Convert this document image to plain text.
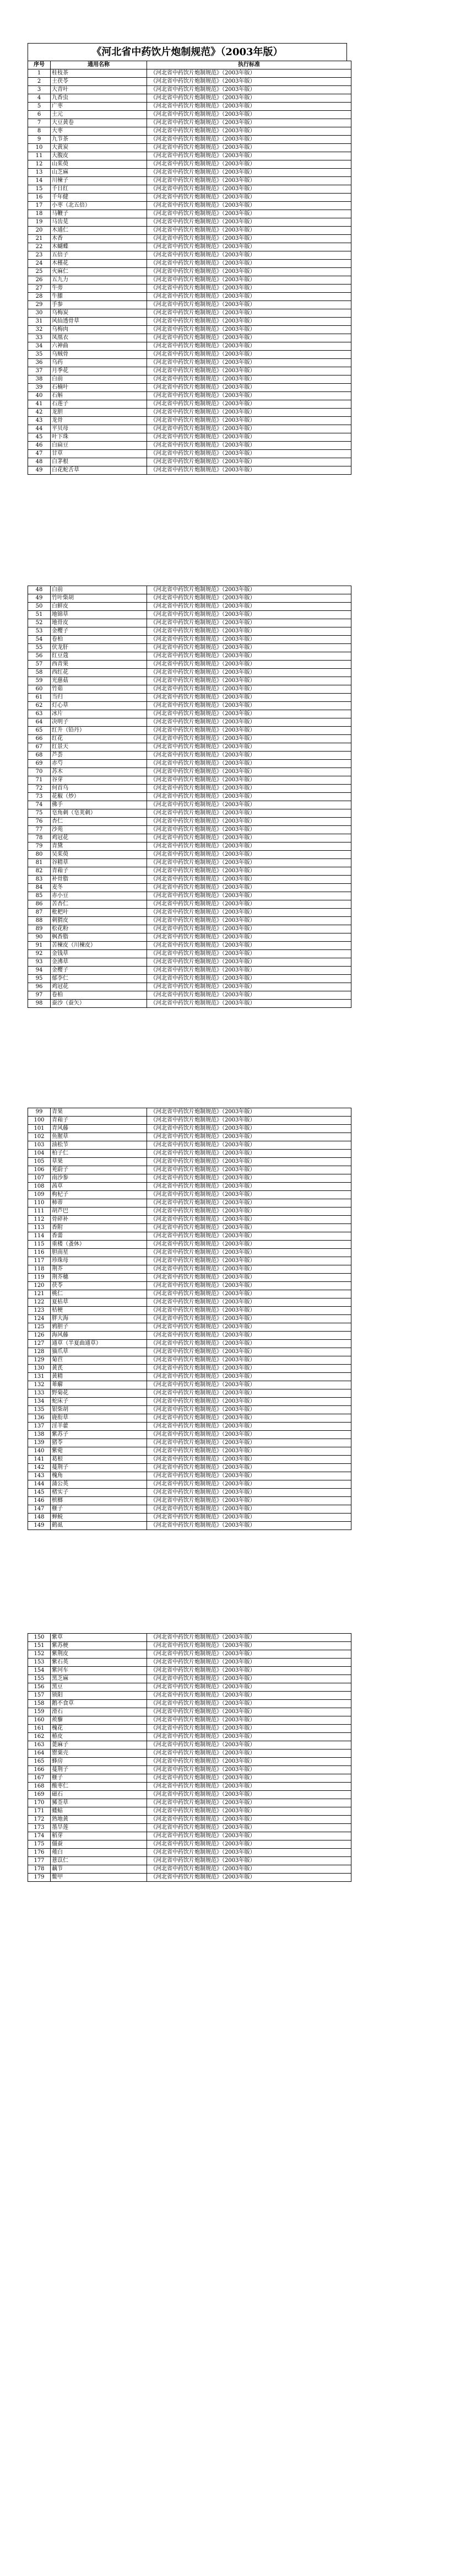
《河北省中药饮片炮制规范》（2003年版）
序号	通用名称	执行标准
1	桂枝茶	《河北省中药饮片炮制规范》（2003年版）
2	土茯苓	《河北省中药饮片炮制规范》（2003年版）
3	大青叶	《河北省中药饮片炮制规范》（2003年版）
4	九香虫	《河北省中药饮片炮制规范》（2003年版）
5	广枣	《河北省中药饮片炮制规范》（2003年版）
6	土元	《河北省中药饮片炮制规范》（2003年版）
7	大豆黄卷	《河北省中药饮片炮制规范》（2003年版）
8	大枣	《河北省中药饮片炮制规范》（2003年版）
9	九节茶	《河北省中药饮片炮制规范》（2003年版）
10	大黄炭	《河北省中药饮片炮制规范》（2003年版）
11	大腹皮	《河北省中药饮片炮制规范》（2003年版）
12	山茱萸	《河北省中药饮片炮制规范》（2003年版）
13	山芝麻	《河北省中药饮片炮制规范》（2003年版）
14	川楝子	《河北省中药饮片炮制规范》（2003年版）
15	千日红	《河北省中药饮片炮制规范》（2003年版）
16	千年健	《河北省中药饮片炮制规范》（2003年版）
17	小枣（北五倍）	《河北省中药饮片炮制规范》（2003年版）
18	马鞭子	《河北省中药饮片炮制规范》（2003年版）
19	马齿苋	《河北省中药饮片炮制规范》（2003年版）
20	木通仁	《河北省中药饮片炮制规范》（2003年版）
21	木香	《河北省中药饮片炮制规范》（2003年版）
22	木蝴蝶	《河北省中药饮片炮制规范》（2003年版）
23	五倍子	《河北省中药饮片炮制规范》（2003年版）
24	木槿花	《河北省中药饮片炮制规范》（2003年版）
25	火麻仁	《河北省中药饮片炮制规范》（2003年版）
26	五九力	《河北省中药饮片炮制规范》（2003年版）
27	牛蒡	《河北省中药饮片炮制规范》（2003年版）
28	牛膝	《河北省中药饮片炮制规范》（2003年版）
29	手参	《河北省中药饮片炮制规范》（2003年版）
30	乌梅炭	《河北省中药饮片炮制规范》（2003年版）
31	风仙透骨草	《河北省中药饮片炮制规范》（2003年版）
32	乌梅肉	《河北省中药饮片炮制规范》（2003年版）
33	凤凰衣	《河北省中药饮片炮制规范》（2003年版）
34	六神曲	《河北省中药饮片炮制规范》（2003年版）
35	乌贼骨	《河北省中药饮片炮制规范》（2003年版）
36	乌药	《河北省中药饮片炮制规范》（2003年版）
37	月季花	《河北省中药饮片炮制规范》（2003年版）
38	白前	《河北省中药饮片炮制规范》（2003年版）
39	石楠叶	《河北省中药饮片炮制规范》（2003年版）
40	石斛	《河北省中药饮片炮制规范》（2003年版）
41	石莲子	《河北省中药饮片炮制规范》（2003年版）
42	龙胆	《河北省中药饮片炮制规范》（2003年版）
43	龙骨	《河北省中药饮片炮制规范》（2003年版）
44	平贝母	《河北省中药饮片炮制规范》（2003年版）
45	叶下珠	《河北省中药饮片炮制规范》（2003年版）
46	白扁豆	《河北省中药饮片炮制规范》（2003年版）
47	甘草	《河北省中药饮片炮制规范》（2003年版）
48	白茅根	《河北省中药饮片炮制规范》（2003年版）
49	白花蛇舌草	《河北省中药饮片炮制规范》（2003年版）
48	白前	《河北省中药饮片炮制规范》（2003年版）
49	竹叶柴胡	《河北省中药饮片炮制规范》（2003年版）
50	白鲜皮	《河北省中药饮片炮制规范》（2003年版）
51	地锦草	《河北省中药饮片炮制规范》（2003年版）
52	地骨皮	《河北省中药饮片炮制规范》（2003年版）
53	金樱子	《河北省中药饮片炮制规范》（2003年版）
54	卷柏	《河北省中药饮片炮制规范》（2003年版）
55	伏龙肝	《河北省中药饮片炮制规范》（2003年版）
56	红豆蔻	《河北省中药饮片炮制规范》（2003年版）
57	西青果	《河北省中药饮片炮制规范》（2003年版）
58	西红花	《河北省中药饮片炮制规范》（2003年版）
59	光慈菇	《河北省中药饮片炮制规范》（2003年版）
60	竹茹	《河北省中药饮片炮制规范》（2003年版）
61	当归	《河北省中药饮片炮制规范》（2003年版）
62	灯心草	《河北省中药饮片炮制规范》（2003年版）
63	冰片	《河北省中药饮片炮制规范》（2003年版）
64	决明子	《河北省中药饮片炮制规范》（2003年版）
65	红升（铅丹）	《河北省中药饮片炮制规范》（2003年版）
66	红花	《河北省中药饮片炮制规范》（2003年版）
67	红景天	《河北省中药饮片炮制规范》（2003年版）
68	芦荟	《河北省中药饮片炮制规范》（2003年版）
69	赤芍	《河北省中药饮片炮制规范》（2003年版）
70	苏木	《河北省中药饮片炮制规范》（2003年版）
71	谷芽	《河北省中药饮片炮制规范》（2003年版）
72	何首乌	《河北省中药饮片炮制规范》（2003年版）
73	花椒（炒）	《河北省中药饮片炮制规范》（2003年版）
74	佛手	《河北省中药饮片炮制规范》（2003年版）
75	皂角刺（皂荚刺）	《河北省中药饮片炮制规范》（2003年版）
76	杏仁	《河北省中药饮片炮制规范》（2003年版）
77	沙苑	《河北省中药饮片炮制规范》（2003年版）
78	鸡冠花	《河北省中药饮片炮制规范》（2003年版）
79	青黛	《河北省中药饮片炮制规范》（2003年版）
80	吴茱萸	《河北省中药饮片炮制规范》（2003年版）
81	谷精草	《河北省中药饮片炮制规范》（2003年版）
82	青葙子	《河北省中药饮片炮制规范》（2003年版）
83	补骨脂	《河北省中药饮片炮制规范》（2003年版）
84	麦冬	《河北省中药饮片炮制规范》（2003年版）
85	赤小豆	《河北省中药饮片炮制规范》（2003年版）
86	苦杏仁	《河北省中药饮片炮制规范》（2003年版）
87	枇杷叶	《河北省中药饮片炮制规范》（2003年版）
88	刺猬皮	《河北省中药饮片炮制规范》（2003年版）
89	松花粉	《河北省中药饮片炮制规范》（2003年版）
90	枫香脂	《河北省中药饮片炮制规范》（2003年版）
91	苦楝皮（川楝皮）	《河北省中药饮片炮制规范》（2003年版）
92	金钱草	《河北省中药饮片炮制规范》（2003年版）
93	金沸草	《河北省中药饮片炮制规范》（2003年版）
94	金樱子	《河北省中药饮片炮制规范》（2003年版）
95	郁李仁	《河北省中药饮片炮制规范》（2003年版）
96	鸡冠花	《河北省中药饮片炮制规范》（2003年版）
97	卷柏	《河北省中药饮片炮制规范》（2003年版）
98	蚕沙（蚕矢）	《河北省中药饮片炮制规范》（2003年版）
99	青果	《河北省中药饮片炮制规范》（2003年版）
100	青葙子	《河北省中药饮片炮制规范》（2003年版）
101	青风藤	《河北省中药饮片炮制规范》（2003年版）
102	鱼腥草	《河北省中药饮片炮制规范》（2003年版）
103	油松节	《河北省中药饮片炮制规范》（2003年版）
104	柏子仁	《河北省中药饮片炮制规范》（2003年版）
105	草果	《河北省中药饮片炮制规范》（2003年版）
106	茺蔚子	《河北省中药饮片炮制规范》（2003年版）
107	南沙参	《河北省中药饮片炮制规范》（2003年版）
108	茜草	《河北省中药饮片炮制规范》（2003年版）
109	枸杞子	《河北省中药饮片炮制规范》（2003年版）
110	柿蒂	《河北省中药饮片炮制规范》（2003年版）
111	胡芦巴	《河北省中药饮片炮制规范》（2003年版）
112	骨碎补	《河北省中药饮片炮制规范》（2003年版）
113	香附	《河北省中药饮片炮制规范》（2003年版）
114	香薷	《河北省中药饮片炮制规范》（2003年版）
115	重楼（蚤休）	《河北省中药饮片炮制规范》（2003年版）
116	胆南星	《河北省中药饮片炮制规范》（2003年版）
117	珍珠母	《河北省中药饮片炮制规范》（2003年版）
118	荆芥	《河北省中药饮片炮制规范》（2003年版）
119	荆芥穗	《河北省中药饮片炮制规范》（2003年版）
120	茯苓	《河北省中药饮片炮制规范》（2003年版）
121	桃仁	《河北省中药饮片炮制规范》（2003年版）
122	夏枯草	《河北省中药饮片炮制规范》（2003年版）
123	桔梗	《河北省中药饮片炮制规范》（2003年版）
124	胖大海	《河北省中药饮片炮制规范》（2003年版）
125	鸦胆子	《河北省中药饮片炮制规范》（2003年版）
126	海风藤	《河北省中药饮片炮制规范》（2003年版）
127	通草（半夏曲通草）	《河北省中药饮片炮制规范》（2003年版）
128	猫爪草	《河北省中药饮片炮制规范》（2003年版）
129	菊苣	《河北省中药饮片炮制规范》（2003年版）
130	黄芪	《河北省中药饮片炮制规范》（2003年版）
131	黄精	《河北省中药饮片炮制规范》（2003年版）
132	萆薢	《河北省中药饮片炮制规范》（2003年版）
133	野菊花	《河北省中药饮片炮制规范》（2003年版）
134	蛇床子	《河北省中药饮片炮制规范》（2003年版）
135	银柴胡	《河北省中药饮片炮制规范》（2003年版）
136	鹿衔草	《河北省中药饮片炮制规范》（2003年版）
137	淫羊藿	《河北省中药饮片炮制规范》（2003年版）
138	紫苏子	《河北省中药饮片炮制规范》（2003年版）
139	猪苓	《河北省中药饮片炮制规范》（2003年版）
140	紫菀	《河北省中药饮片炮制规范》（2003年版）
141	葛根	《河北省中药饮片炮制规范》（2003年版）
142	蔓荆子	《河北省中药饮片炮制规范》（2003年版）
143	槐角	《河北省中药饮片炮制规范》（2003年版）
144	蒲公英	《河北省中药饮片炮制规范》（2003年版）
145	楮实子	《河北省中药饮片炮制规范》（2003年版）
146	槟榔	《河北省中药饮片炮制规范》（2003年版）
147	榧子	《河北省中药饮片炮制规范》（2003年版）
148	蝉蜕	《河北省中药饮片炮制规范》（2003年版）
149	鹤虱	《河北省中药饮片炮制规范》（2003年版）
150	紫草	《河北省中药饮片炮制规范》（2003年版）
151	紫苏梗	《河北省中药饮片炮制规范》（2003年版）
152	紫荆皮	《河北省中药饮片炮制规范》（2003年版）
153	紫石英	《河北省中药饮片炮制规范》（2003年版）
154	紫河车	《河北省中药饮片炮制规范》（2003年版）
155	黑芝麻	《河北省中药饮片炮制规范》（2003年版）
156	黑豆	《河北省中药饮片炮制规范》（2003年版）
157	锁阳	《河北省中药饮片炮制规范》（2003年版）
158	鹅不食草	《河北省中药饮片炮制规范》（2003年版）
159	滑石	《河北省中药饮片炮制规范》（2003年版）
160	蒺藜	《河北省中药饮片炮制规范》（2003年版）
161	槐花	《河北省中药饮片炮制规范》（2003年版）
162	椿皮	《河北省中药饮片炮制规范》（2003年版）
163	蓖麻子	《河北省中药饮片炮制规范》（2003年版）
164	罂粟壳	《河北省中药饮片炮制规范》（2003年版）
165	蜂房	《河北省中药饮片炮制规范》（2003年版）
166	蔓荆子	《河北省中药饮片炮制规范》（2003年版）
167	榧子	《河北省中药饮片炮制规范》（2003年版）
168	酸枣仁	《河北省中药饮片炮制规范》（2003年版）
169	磁石	《河北省中药饮片炮制规范》（2003年版）
170	豨莶草	《河北省中药饮片炮制规范》（2003年版）
171	蝼蛄	《河北省中药饮片炮制规范》（2003年版）
172	熟地黄	《河北省中药饮片炮制规范》（2003年版）
173	墨旱莲	《河北省中药饮片炮制规范》（2003年版）
174	稻芽	《河北省中药饮片炮制规范》（2003年版）
175	僵蚕	《河北省中药饮片炮制规范》（2003年版）
176	薤白	《河北省中药饮片炮制规范》（2003年版）
177	薏苡仁	《河北省中药饮片炮制规范》（2003年版）
178	藕节	《河北省中药饮片炮制规范》（2003年版）
179	鳖甲	《河北省中药饮片炮制规范》（2003年版）
